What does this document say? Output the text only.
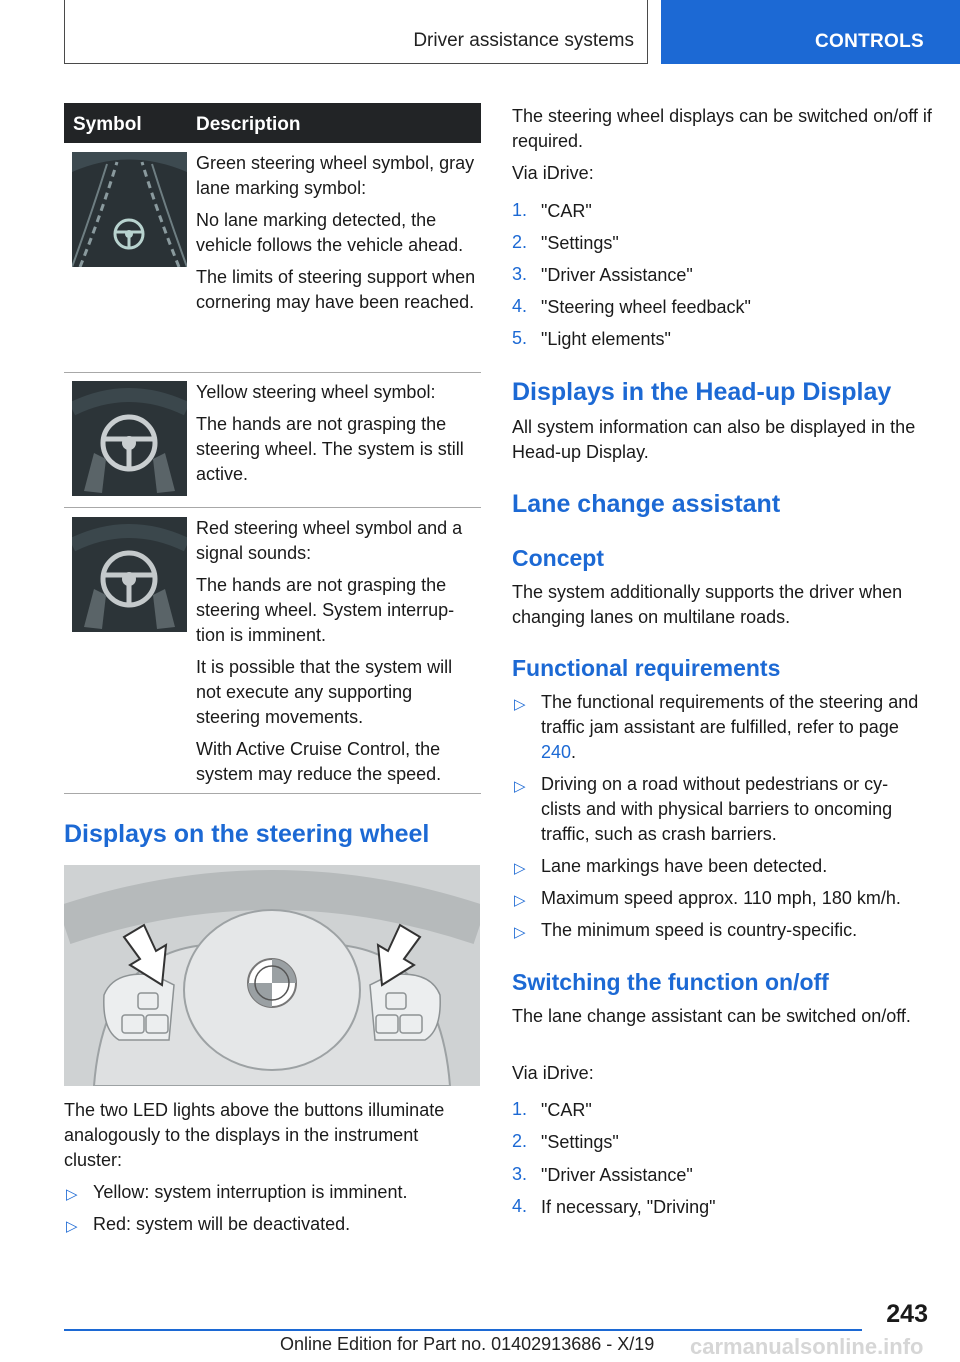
Driver assistance systems	CONTROLS
Symbol	Description

Green steering wheel symbol, gray lane marking symbol:

No lane marking detected, the vehicle follows the vehicle ahead.

The limits of steering support when cornering may have been reached.

Yellow steering wheel symbol:

The hands are not grasping the steering wheel. The system is still active.

Red steering wheel symbol and a signal sounds:

The hands are not grasping the steering wheel. System interrup‐tion is imminent.

It is possible that the system will not execute any supporting steering movements.

With Active Cruise Control, the system may reduce the speed.

Displays on the steering wheel

The two LED lights above the buttons illuminate analogously to the displays in the instrument cluster:

▷ Yellow: system interruption is imminent.

▷ Red: system will be deactivated.

The steering wheel displays can be switched on/off if required.

Via iDrive:

1. "CAR"
2. "Settings"
3. "Driver Assistance"
4. "Steering wheel feedback"
5. "Light elements"
Displays in the Head-up Display

All system information can also be displayed in the Head-up Display.

Lane change assistant
Concept

The system additionally supports the driver when changing lanes on multilane roads.

Functional requirements
▷ The functional requirements of the steering and traffic jam assistant are fulfilled, refer to page 240.

▷ Driving on a road without pedestrians or cy‐clists and with physical barriers to oncoming traffic, such as crash barriers.

▷ Lane markings have been detected.

▷ Maximum speed approx. 110 mph, 180 km/h.

▷ The minimum speed is country-specific.

Switching the function on/off

The lane change assistant can be switched on/off.

Via iDrive:

1. "CAR"
2. "Settings"
3. "Driver Assistance"
4. If necessary, "Driving"
243
Online Edition for Part no. 01402913686 - X/19 carmanualsonline.info
